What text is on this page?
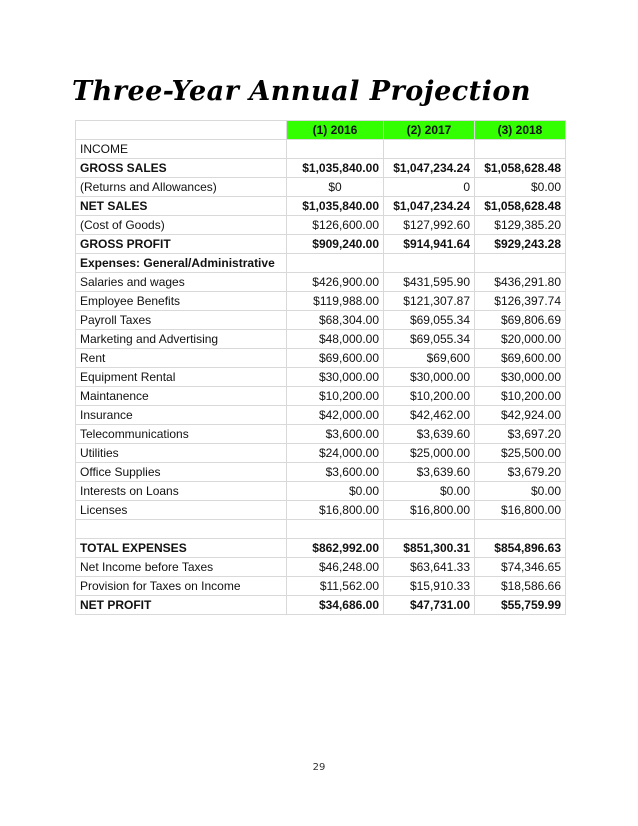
Three-Year Annual Projection
	(1) 2016	(2) 2017	(3) 2018
INCOME			
GROSS SALES	$1,035,840.00	$1,047,234.24	$1,058,628.48
(Returns and Allowances)	$0	0	$0.00
NET SALES	$1,035,840.00	$1,047,234.24	$1,058,628.48
(Cost of Goods)	$126,600.00	$127,992.60	$129,385.20
GROSS PROFIT	$909,240.00	$914,941.64	$929,243.28
Expenses: General/Administrative			
Salaries and wages	$426,900.00	$431,595.90	$436,291.80
Employee Benefits	$119,988.00	$121,307.87	$126,397.74
Payroll Taxes	$68,304.00	$69,055.34	$69,806.69
Marketing and Advertising	$48,000.00	$69,055.34	$20,000.00
Rent	$69,600.00	$69,600	$69,600.00
Equipment Rental	$30,000.00	$30,000.00	$30,000.00
Maintanence	$10,200.00	$10,200.00	$10,200.00
Insurance	$42,000.00	$42,462.00	$42,924.00
Telecommunications	$3,600.00	$3,639.60	$3,697.20
Utilities	$24,000.00	$25,000.00	$25,500.00
Office Supplies	$3,600.00	$3,639.60	$3,679.20
Interests on Loans	$0.00	$0.00	$0.00
Licenses	$16,800.00	$16,800.00	$16,800.00

TOTAL EXPENSES	$862,992.00	$851,300.31	$854,896.63
Net Income before Taxes	$46,248.00	$63,641.33	$74,346.65
Provision for Taxes on Income	$11,562.00	$15,910.33	$18,586.66
NET PROFIT	$34,686.00	$47,731.00	$55,759.99
29
